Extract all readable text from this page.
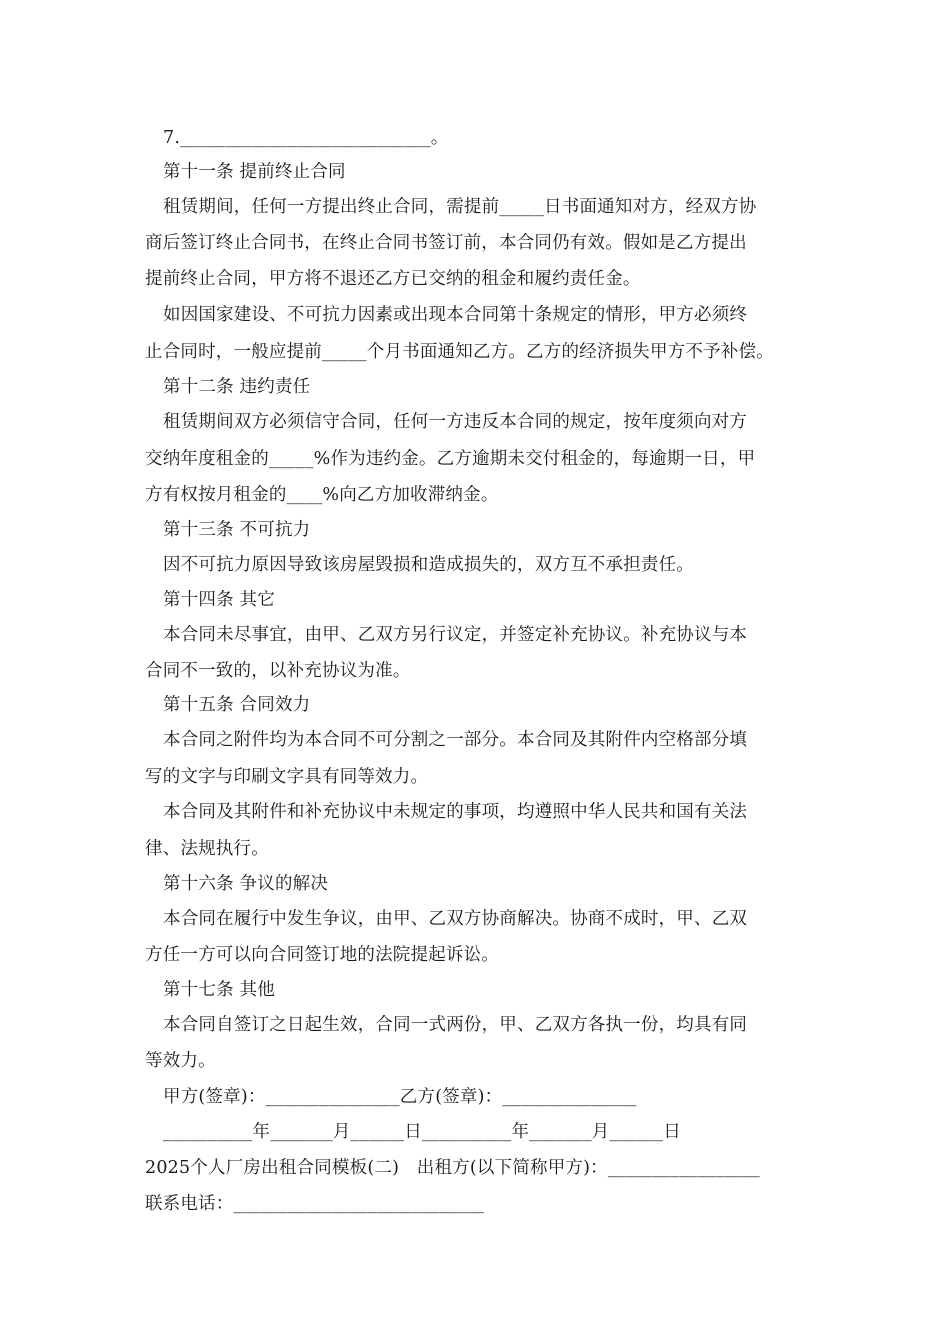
7.____________________________。
第十一条 提前终止合同
租赁期间，任何一方提出终止合同，需提前_____日书面通知对方，经双方协
商后签订终止合同书，在终止合同书签订前，本合同仍有效。假如是乙方提出
提前终止合同，甲方将不退还乙方已交纳的租金和履约责任金。
如因国家建设、不可抗力因素或出现本合同第十条规定的情形，甲方必须终
止合同时，一般应提前_____个月书面通知乙方。乙方的经济损失甲方不予补偿。
第十二条 违约责任
租赁期间双方必须信守合同，任何一方违反本合同的规定，按年度须向对方
交纳年度租金的_____%作为违约金。乙方逾期未交付租金的，每逾期一日，甲
方有权按月租金的____%向乙方加收滞纳金。
第十三条 不可抗力
因不可抗力原因导致该房屋毁损和造成损失的，双方互不承担责任。
第十四条 其它
本合同未尽事宜，由甲、乙双方另行议定，并签定补充协议。补充协议与本
合同不一致的，以补充协议为准。
第十五条 合同效力
本合同之附件均为本合同不可分割之一部分。本合同及其附件内空格部分填
写的文字与印刷文字具有同等效力。
本合同及其附件和补充协议中未规定的事项，均遵照中华人民共和国有关法
律、法规执行。
第十六条 争议的解决
本合同在履行中发生争议，由甲、乙双方协商解决。协商不成时，甲、乙双
方任一方可以向合同签订地的法院提起诉讼。
第十七条 其他
本合同自签订之日起生效，合同一式两份，甲、乙双方各执一份，均具有同
等效力。
甲方(签章)：_______________乙方(签章)：_______________
__________年_______月______日__________年_______月______日
2025个人厂房出租合同模板(二)　出租方(以下简称甲方)：_________________
联系电话：____________________________
